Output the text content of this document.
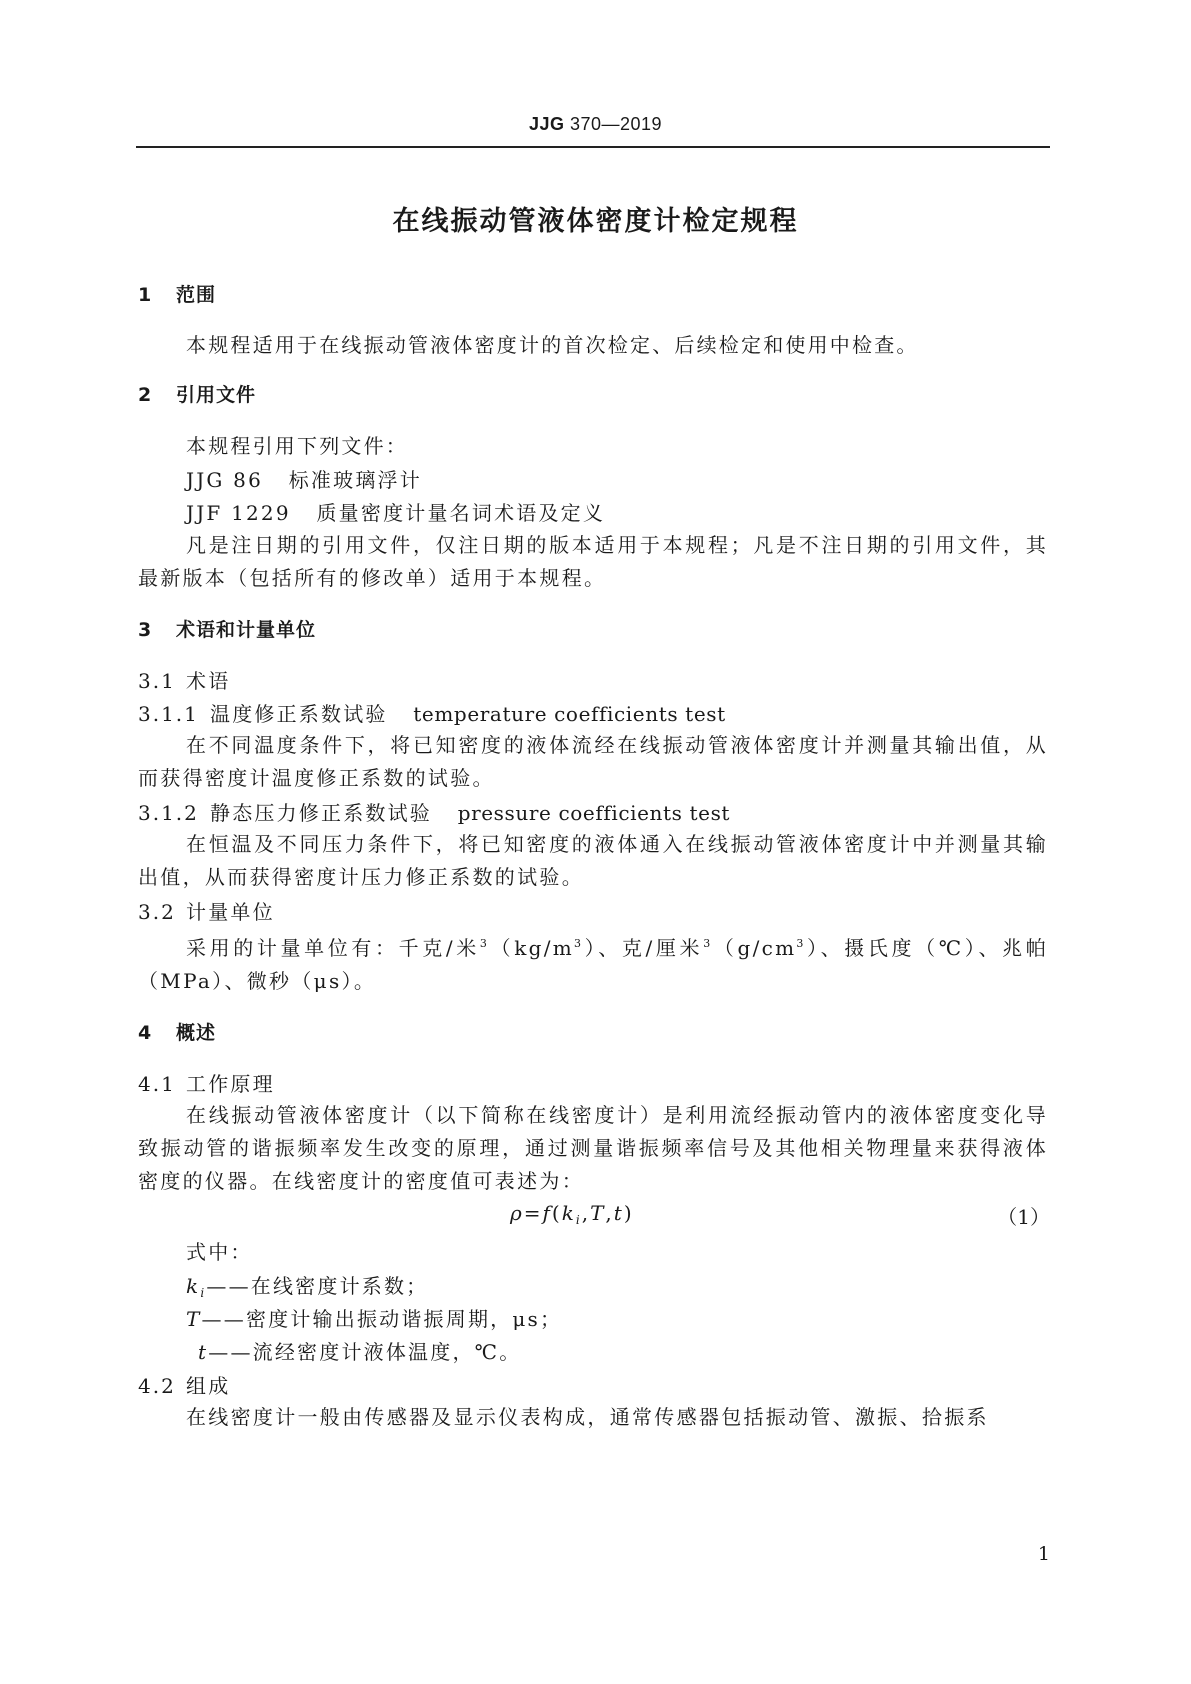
JJG 370—2019
在线振动管液体密度计检定规程
1 范围
本规程适用于在线振动管液体密度计的首次检定、后续检定和使用中检查。
2 引用文件
本规程引用下列文件：
JJG 86 标准玻璃浮计
JJF 1229 质量密度计量名词术语及定义
凡是注日期的引用文件，仅注日期的版本适用于本规程；凡是不注日期的引用文件，其最新版本（包括所有的修改单）适用于本规程。
3 术语和计量单位
3.1 术语
3.1.1 温度修正系数试验 temperature coefficients test
在不同温度条件下，将已知密度的液体流经在线振动管液体密度计并测量其输出值，从而获得密度计温度修正系数的试验。
3.1.2 静态压力修正系数试验 pressure coefficients test
在恒温及不同压力条件下，将已知密度的液体通入在线振动管液体密度计中并测量其输出值，从而获得密度计压力修正系数的试验。
3.2 计量单位
采用的计量单位有：千克/米$^3(kg/m^3)$、克/厘米$^3(g/cm^3)$、摄氏度（℃）、兆帕（MPa）、微秒（μs）。
4 概述
4.1 工作原理
在线振动管液体密度计（以下简称在线密度计）是利用流经振动管内的液体密度变化导致振动管的谐振频率发生改变的原理，通过测量谐振频率信号及其他相关物理量来获得液体密度的仪器。在线密度计的密度值可表述为：
$\rho=f(k_i,T,t)$	（1）
式中：
$k_i——$在线密度计系数；
T——密度计输出振动谐振周期，μs；
t——流经密度计液体温度，℃。
4.2 组成
在线密度计一般由传感器及显示仪表构成，通常传感器包括振动管、激振、拾振系
1
